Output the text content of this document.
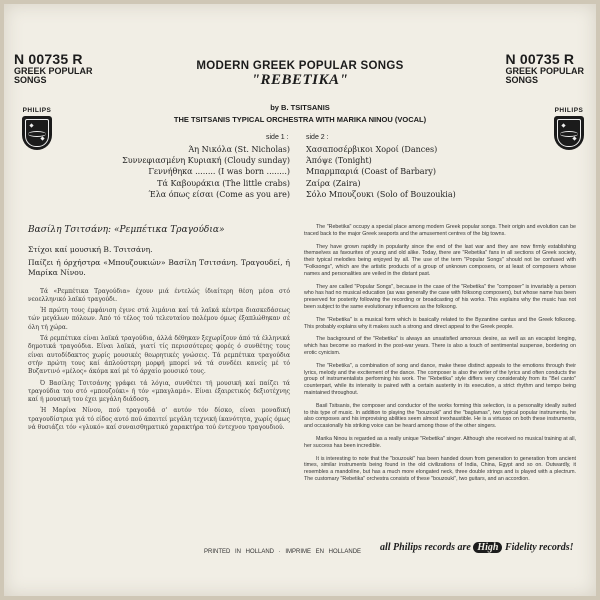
N 00735 R
GREEK POPULAR
SONGS
N 00735 R
GREEK POPULAR
SONGS
PHILIPS	PHILIPS
MODERN GREEK POPULAR SONGS
"REBETIKA"
by B. TSITSANIS
THE TSITSANIS TYPICAL ORCHESTRA WITH MARIKA NINOU (VOCAL)
side 1 : side 2 :
Άη Νικόλα (St. Nicholas)
Συννεφιασμένη Κυριακή (Cloudy sunday)
Γεννήθηκα ........ (I was born ........)
Τά Καβουράκια (The little crabs)
Έλα όπως είσαι (Come as you are)
Χασαποσέρβικοι Χοροί (Dances)
Άπόψε (Tonight)
Μπαρμπαριά (Coast of Barbary)
Ζαίρα (Zaira)
Σόλο Μπουζουκι (Solo of Bouzoukia)
Βασίλη Τσιτσάνη: «Ρεμπέτικα Τραγούδια»
Στίχοι καί μουσική Β. Τσιτσάνη.
Παίζει ή όρχήστρα «Μπουζουκιών» Βασίλη Τσιτσάνη. Τραγουδεί, ή Μαρίκα Νίνου.

Τά «Ρεμπέτικα Τραγούδια» έχουν μιά έντελώς ίδιαίτερη θέση μέσα στό νεοελληνικό λαϊκό τραγούδι.

Ή πρώτη τους έμφάνιση έγινε στά λιμάνια καί τά λαϊκά κέντρα διασκεδάσεως τών μεγάλων πόλεων. Άπό τό τέλος τού τελευταίου πολέμου όμως έξαπλώθηκαν σέ όλη τή χώρα.

Τά ρεμπέτικα είναι λαϊκά τραγούδια, άλλά δέθηκαν ξεχωρίζουν άπό τά έλληνικά δημοτικά τραγούδια. Είναι λαϊκά, γιατί τίς περισσότερες φορές ό συνθέτης τους είναι αυτοδίδακτος χωρίς μουσικές θεωρητικές γνώσεις. Τά ρεμπέτικα τραγούδια στήν πρώτη τους καί άπλούστερη μορφή μπορεί νά τά συνδέει κανείς μέ τό Βυζαντινό «μέλος» άκόμα καί μέ τό άρχαίο μουσικό τους.

Ό Βασίλης Τσιτσάνης γράφει τά λόγια, συνθέτει τή μουσική καί παίζει τά τραγούδια του στό «μπουζούκι» ή τόν «μπαγλαμά». Είναι έξαιρετικός δεξιοτέχνης καί ή μουσική του έχει μεγάλη διάδοση.

Ή Μαρίνα Νίνου, πού τραγουδά σ' αυτόν τόν δίσκο, είναι μοναδική τραγουδίστρια γιά τό είδος αυτό πού άπαιτεί μεγάλη τεχνική ίκανότητα, χωρίς όμως νά θυσιάζει τόν «γλυκό» καί συναισθηματικό χαρακτήρα τού έντεχνου τραγουδιού.

The "Rebetika" occupy a special place among modern Greek popular songs. Their origin and evolution can be traced back to the major Greek seaports and the amusement centres of the big towns.

They have grown rapidly in popularity since the end of the last war and they are now firmly establishing themselves as favourites of young and old alike. Today, there are "Rebetika" fans in all sections of Greek society, their typical melodies being enjoyed by all. The use of the term "Popular Songs" should not be confused with "Folksongs", which are the artistic products of a group of unknown composers, or at least of composers whose names and personalities are veiled in the distant past.

They are called "Popular Songs", because in the case of the "Rebetika" the "composer" is invariably a person who has had no musical education (as was generally the case with folksong composers), but whose name has been preserved for posterity following the recording or broadcasting of his works. This explains why the music has not been subject to the same evolutionary influences as the folksong.

The "Rebetika" is a musical form which is basically related to the Byzantine cantus and the Greek folksong. This probably explains why it makes such a strong and direct appeal to the Greek people.

The background of the "Rebetika" is always an unsatisfied amorous desire, as well as an escapist longing, which has become so marked in the post-war years. There is also a touch of sentimental suspense, bordering on erotic cynicism.

The "Rebetika", a combination of song and dance, make these distinct appeals to the emotions through their lyrics, melody and the excitement of the dance. The composer is also the writer of the lyrics and often conducts the group of instrumentalists performing his work. The "Rebetika" style differs very considerably from its "Bel canto" counterpart, while its intensity is paired with a certain austerity in its execution, a strict rhythm and tempo being maintained throughout.

Basil Tsitsanis, the composer and conductor of the works forming this selection, is a personality ideally suited to this type of music. In addition to playing the "bouzouki" and the "baglamas", two typical popular instruments, he also composes and his improvising abilities seem almost inexhaustible. He is a virtuoso on both these instruments, and occasionally his striking voice can be heard among those of the other singers.

Marika Ninou is regarded as a really unique "Rebetika" singer. Although she received no musical training at all, her success has been incredible.

It is interesting to note that the "bouzouki" has been handed down from generation to generation from ancient times, similar instruments being found in the old civilizations of India, China, Egypt and so on. Outwardly, it resembles a mandoline, but has a much more elongated neck, three double strings and is played with a plectrum. The customary "Rebetika" orchestra consists of these "bouzouki", two guitars, and an accordion.

PRINTED IN HOLLAND · IMPRIME EN HOLLANDE all Philips records are High Fidelity records!
